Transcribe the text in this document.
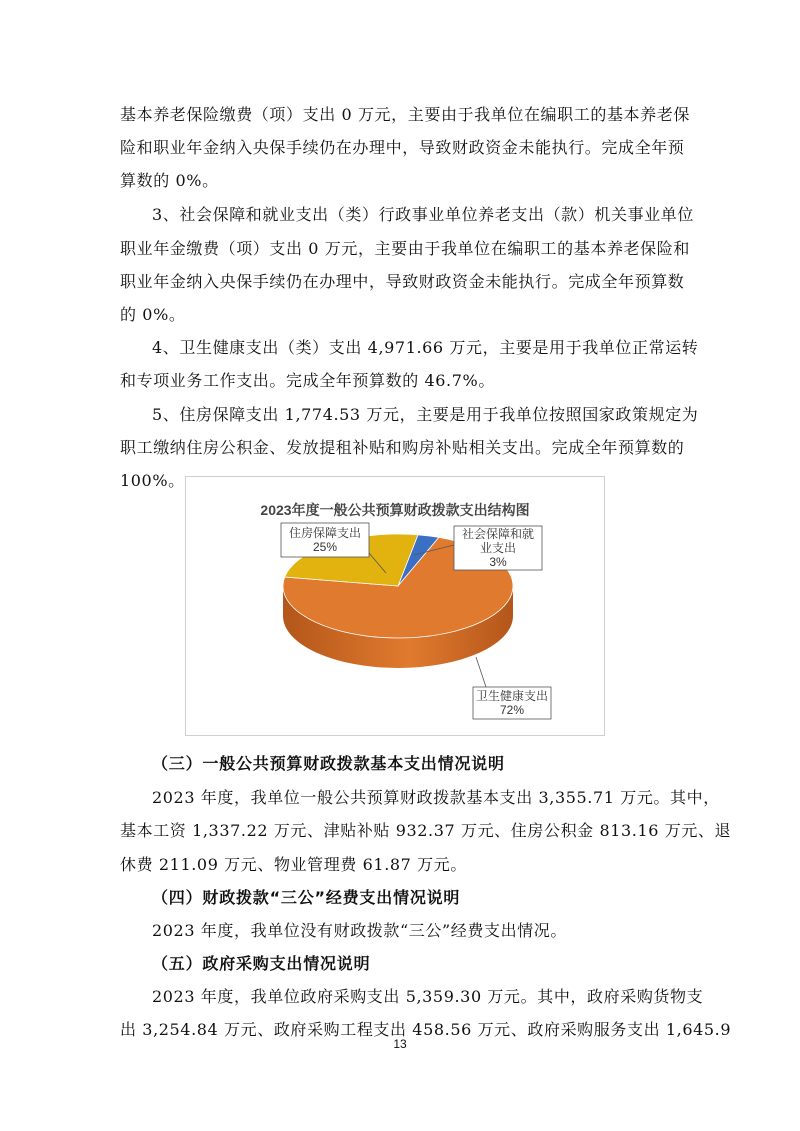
基本养老保险缴费（项）支出 0 万元，主要由于我单位在编职工的基本养老保
险和职业年金纳入央保手续仍在办理中，导致财政资金未能执行。完成全年预
算数的 0%。
3、社会保障和就业支出（类）行政事业单位养老支出（款）机关事业单位
职业年金缴费（项）支出 0 万元，主要由于我单位在编职工的基本养老保险和
职业年金纳入央保手续仍在办理中，导致财政资金未能执行。完成全年预算数
的 0%。
4、卫生健康支出（类）支出 4,971.66 万元，主要是用于我单位正常运转
和专项业务工作支出。完成全年预算数的 46.7%。
5、住房保障支出 1,774.53 万元，主要是用于我单位按照国家政策规定为
职工缴纳住房公积金、发放提租补贴和购房补贴相关支出。完成全年预算数的
100%。
2023年度一般公共预算财政拨款支出结构图
社会保障和就
业支出
3%
卫生健康支出
72%
住房保障支出
25%
（三）一般公共预算财政拨款基本支出情况说明
2023 年度，我单位一般公共预算财政拨款基本支出 3,355.71 万元。其中，
基本工资 1,337.22 万元、津贴补贴 932.37 万元、住房公积金 813.16 万元、退
休费 211.09 万元、物业管理费 61.87 万元。
（四）财政拨款“三公”经费支出情况说明
2023 年度，我单位没有财政拨款“三公”经费支出情况。
（五）政府采购支出情况说明
2023 年度，我单位政府采购支出 5,359.30 万元。其中，政府采购货物支
出 3,254.84 万元、政府采购工程支出 458.56 万元、政府采购服务支出 1,645.9
13
